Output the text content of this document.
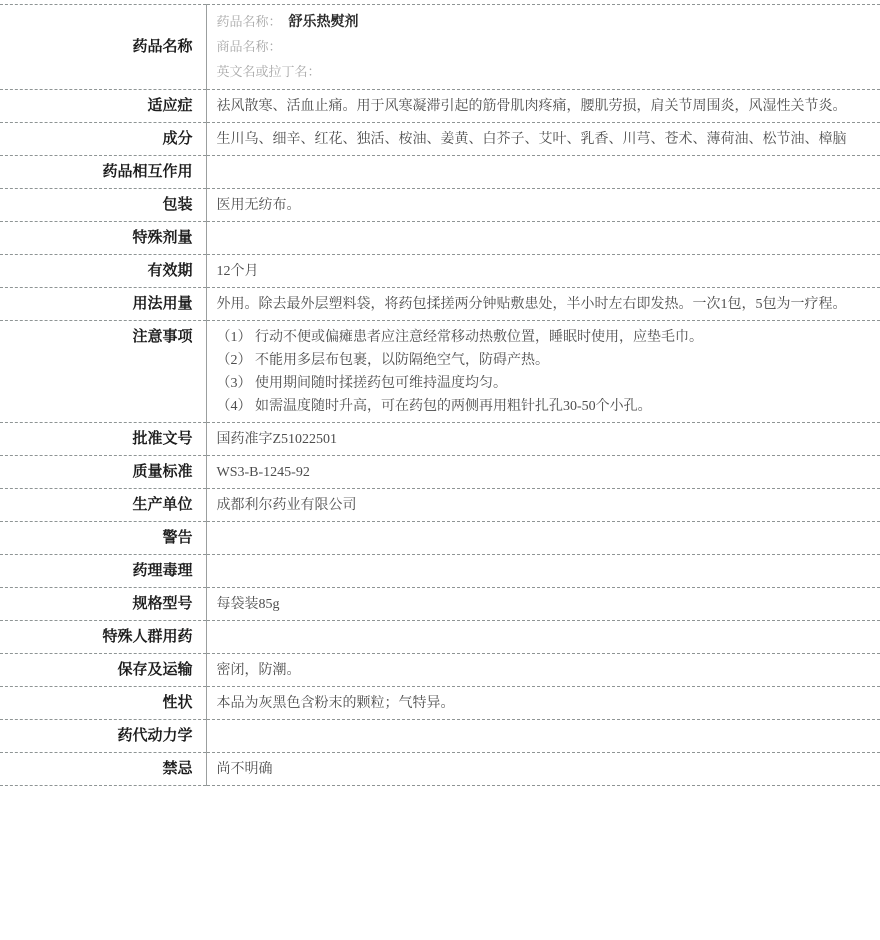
药品名称	药品名称： 舒乐热熨剂
商品名称：
英文名或拉丁名：

适应症	祛风散寒、活血止痛。用于风寒凝滞引起的筋骨肌肉疼痛，腰肌劳损，肩关节周围炎，风湿性关节炎。
成分	生川乌、细辛、红花、独活、桉油、姜黄、白芥子、艾叶、乳香、川芎、苍术、薄荷油、松节油、樟脑
药品相互作用	
包装	医用无纺布。
特殊剂量	
有效期	12个月
用法用量	外用。除去最外层塑料袋，将药包揉搓两分钟贴敷患处，半小时左右即发热。一次1包，5包为一疗程。
注意事项	（1） 行动不便或偏瘫患者应注意经常移动热敷位置，睡眠时使用，应垫毛巾。
（2） 不能用多层布包裹，以防隔绝空气，防碍产热。
（3） 使用期间随时揉搓药包可维持温度均匀。
（4） 如需温度随时升高，可在药包的两侧再用粗针扎孔30-50个小孔。

批准文号	国药准字Z51022501
质量标准	WS3-B-1245-92
生产单位	成都利尔药业有限公司
警告	
药理毒理	
规格型号	每袋装85g
特殊人群用药	
保存及运输	密闭，防潮。
性状	本品为灰黑色含粉末的颗粒；气特异。
药代动力学	
禁忌	尚不明确
